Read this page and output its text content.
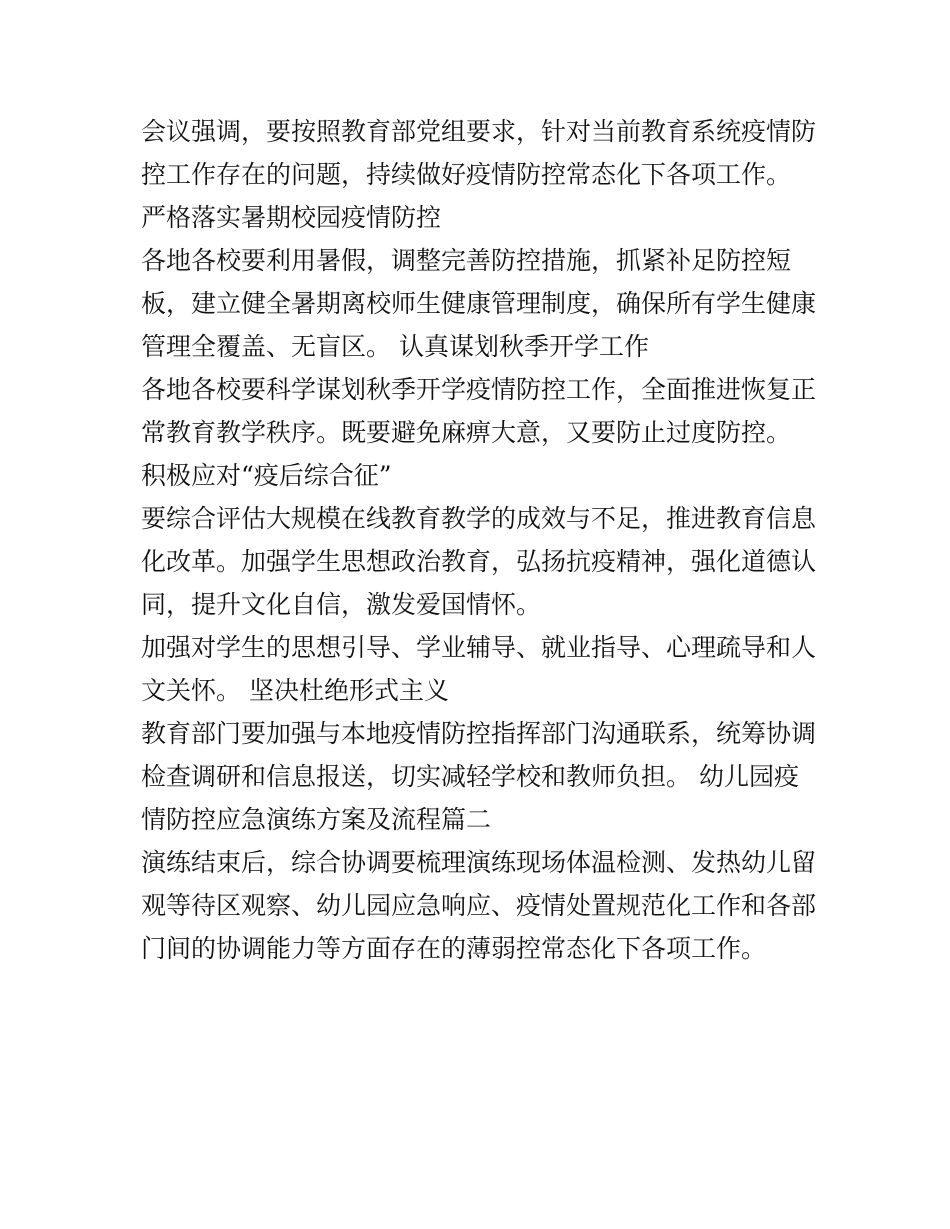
会议强调，要按照教育部党组要求，针对当前教育系统疫情防

控工作存在的问题，持续做好疫情防控常态化下各项工作。

严格落实暑期校园疫情防控

各地各校要利用暑假，调整完善防控措施，抓紧补足防控短

板，建立健全暑期离校师生健康管理制度，确保所有学生健康

管理全覆盖、无盲区。 认真谋划秋季开学工作

各地各校要科学谋划秋季开学疫情防控工作，全面推进恢复正

常教育教学秩序。既要避免麻痹大意，又要防止过度防控。

积极应对“疫后综合征”

要综合评估大规模在线教育教学的成效与不足，推进教育信息

化改革。加强学生思想政治教育，弘扬抗疫精神，强化道德认

同，提升文化自信，激发爱国情怀。

加强对学生的思想引导、学业辅导、就业指导、心理疏导和人

文关怀。 坚决杜绝形式主义

教育部门要加强与本地疫情防控指挥部门沟通联系，统筹协调

检查调研和信息报送，切实减轻学校和教师负担。 幼儿园疫

情防控应急演练方案及流程篇二

演练结束后，综合协调要梳理演练现场体温检测、发热幼儿留

观等待区观察、幼儿园应急响应、疫情处置规范化工作和各部

门间的协调能力等方面存在的薄弱控常态化下各项工作。
